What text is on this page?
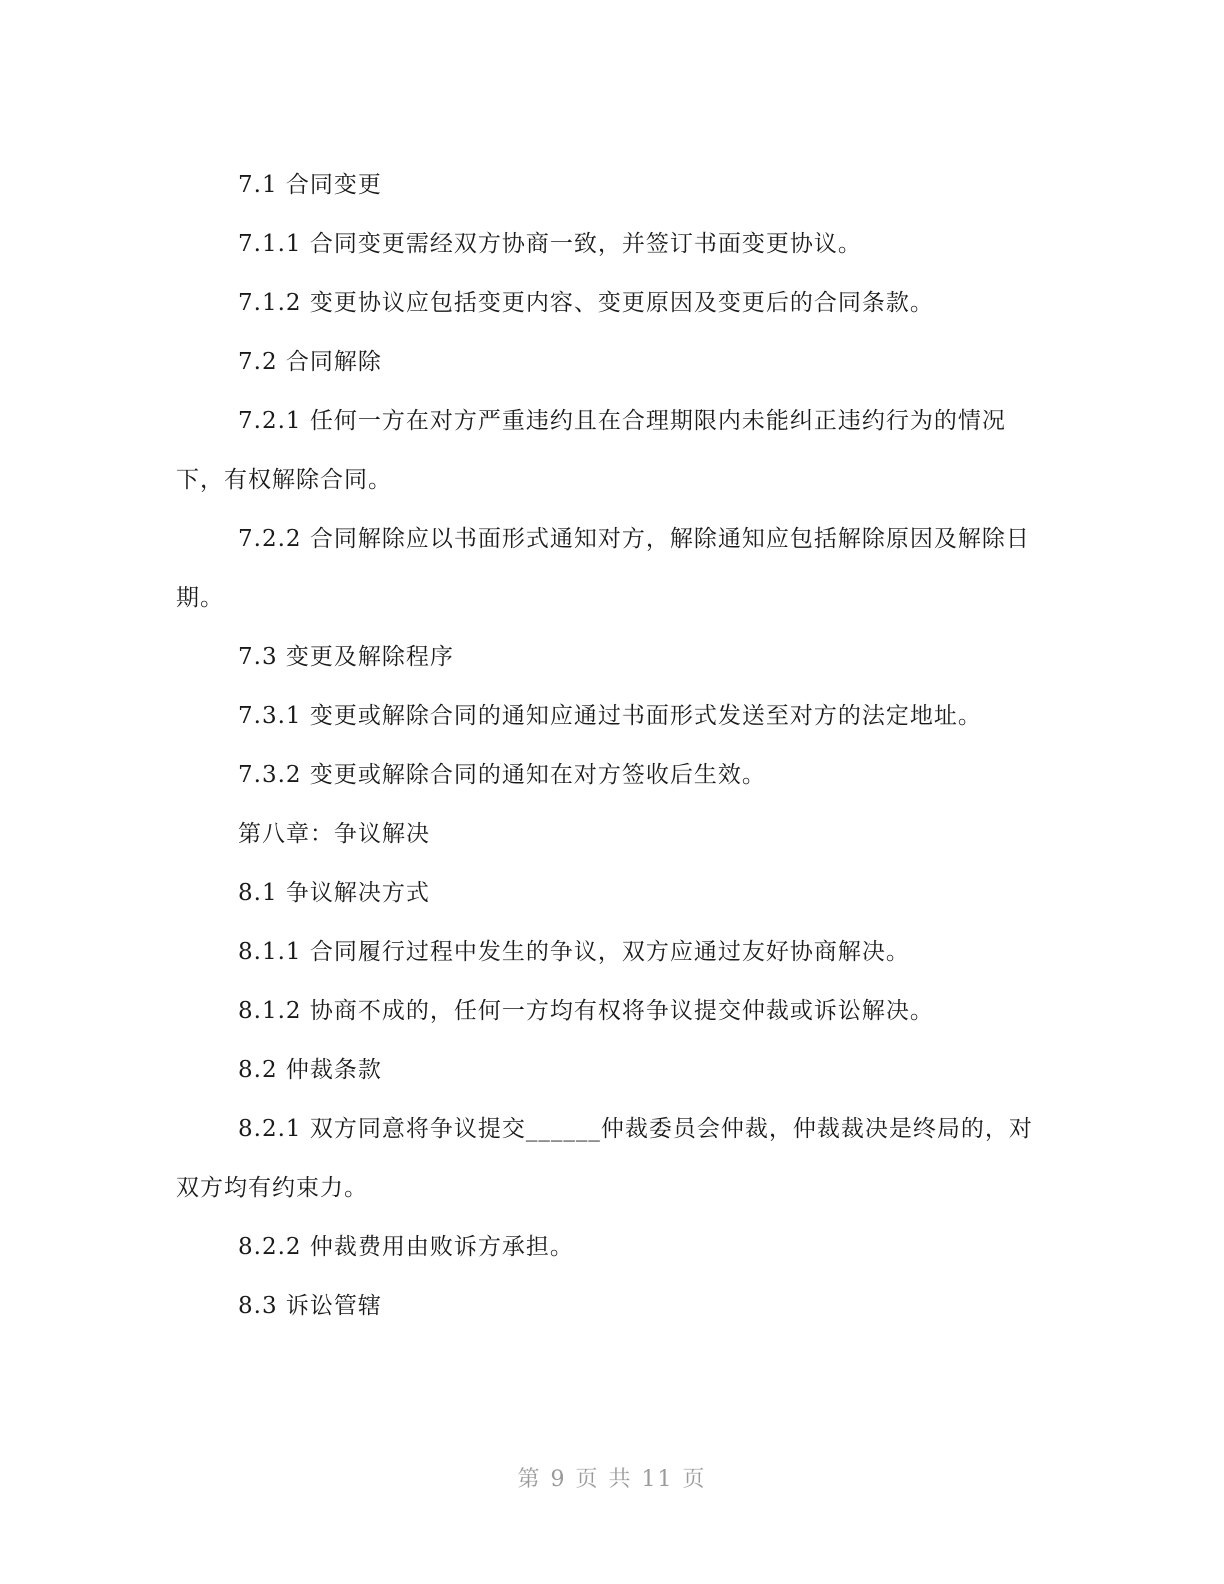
7.1 合同变更

7.1.1 合同变更需经双方协商一致，并签订书面变更协议。

7.1.2 变更协议应包括变更内容、变更原因及变更后的合同条款。

7.2 合同解除

7.2.1 任何一方在对方严重违约且在合理期限内未能纠正违约行为的情况下，有权解除合同。

7.2.2 合同解除应以书面形式通知对方，解除通知应包括解除原因及解除日期。

7.3 变更及解除程序

7.3.1 变更或解除合同的通知应通过书面形式发送至对方的法定地址。

7.3.2 变更或解除合同的通知在对方签收后生效。

第八章：争议解决

8.1 争议解决方式

8.1.1 合同履行过程中发生的争议，双方应通过友好协商解决。

8.1.2 协商不成的，任何一方均有权将争议提交仲裁或诉讼解决。

8.2 仲裁条款

8.2.1 双方同意将争议提交______仲裁委员会仲裁，仲裁裁决是终局的，对双方均有约束力。

8.2.2 仲裁费用由败诉方承担。

8.3 诉讼管辖

第 9 页 共 11 页
